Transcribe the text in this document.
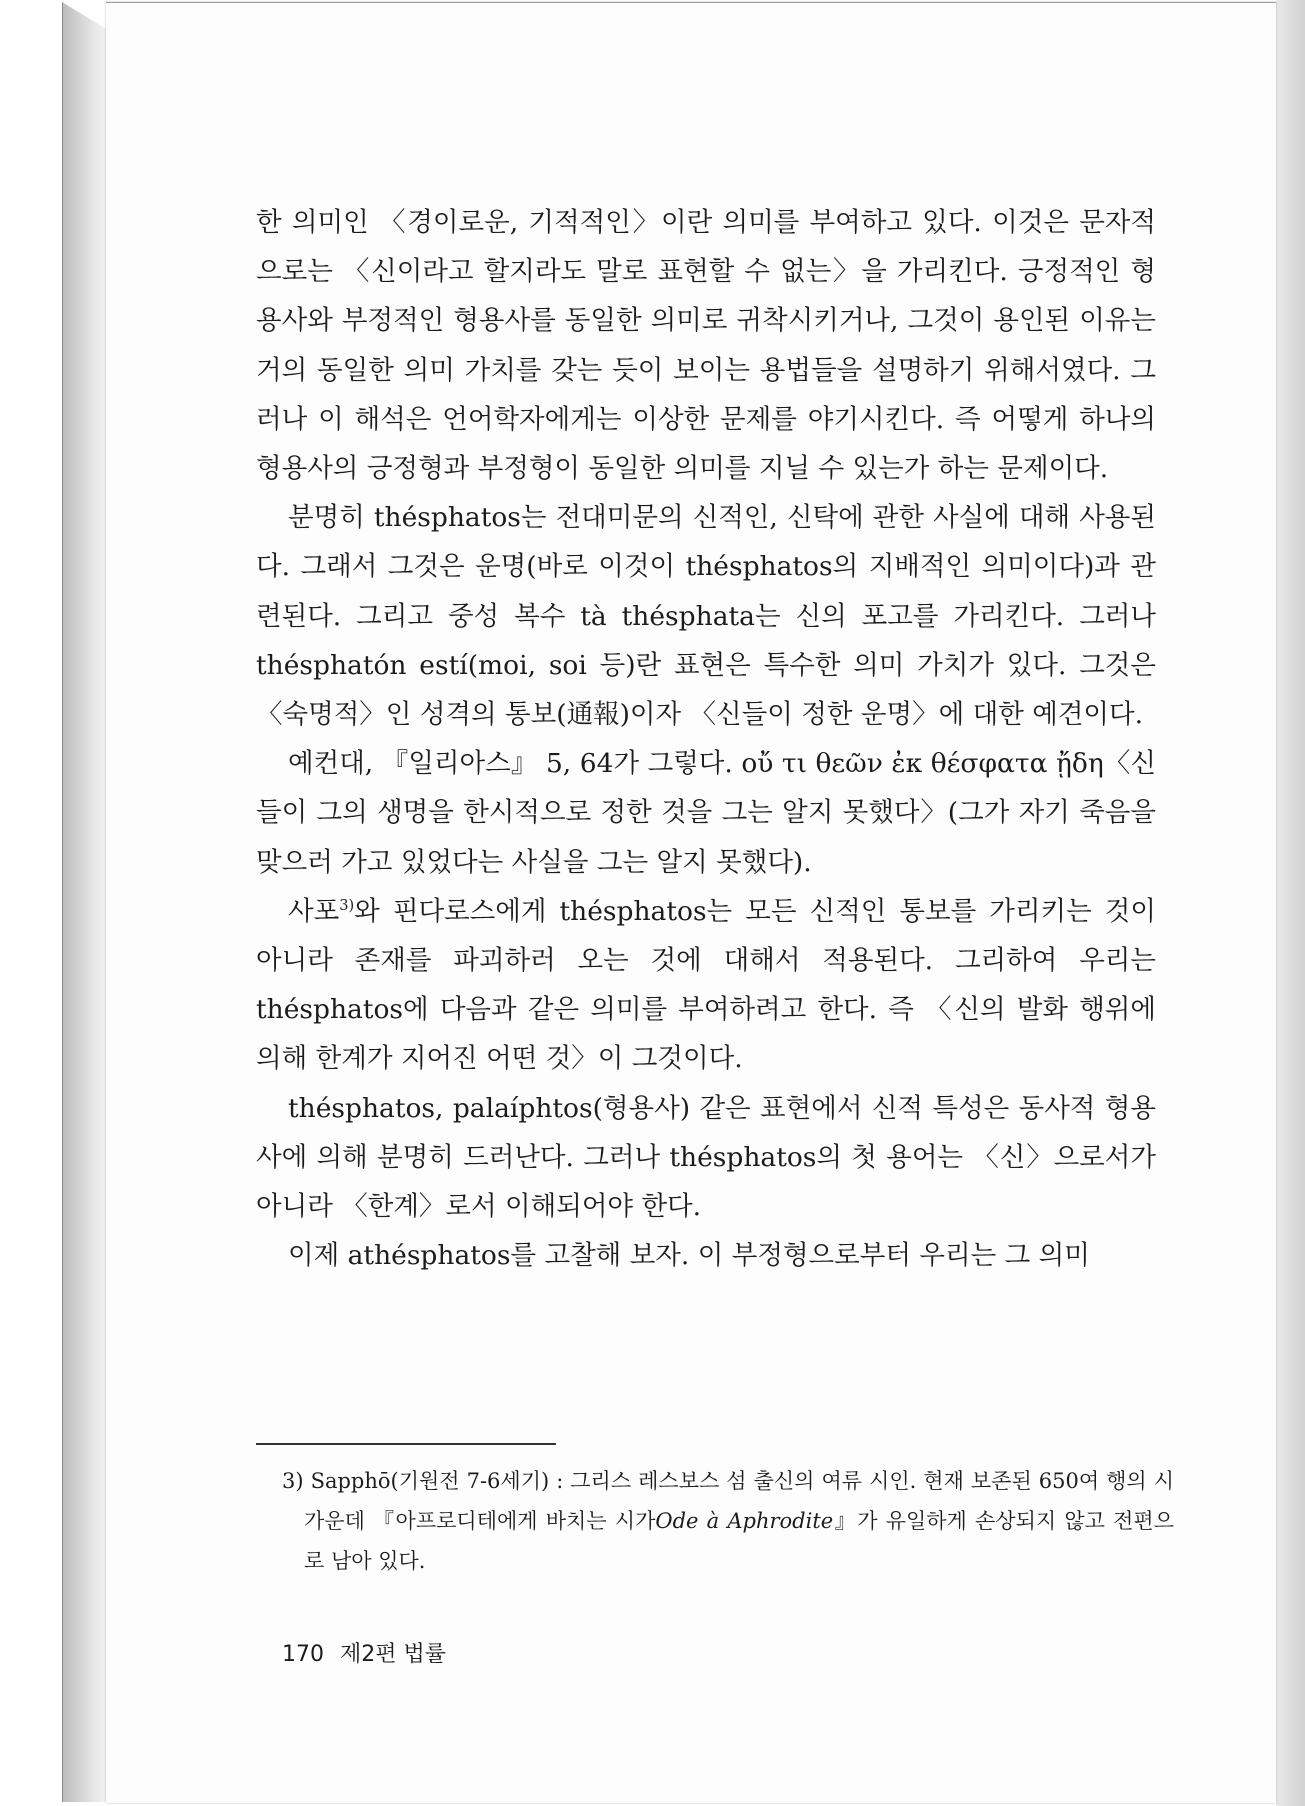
한 의미인 〈경이로운, 기적적인〉이란 의미를 부여하고 있다. 이것은 문자적으로는 〈신이라고 할지라도 말로 표현할 수 없는〉을 가리킨다. 긍정적인 형용사와 부정적인 형용사를 동일한 의미로 귀착시키거나, 그것이 용인된 이유는 거의 동일한 의미 가치를 갖는 듯이 보이는 용법들을 설명하기 위해서였다. 그러나 이 해석은 언어학자에게는 이상한 문제를 야기시킨다. 즉 어떻게 하나의 형용사의 긍정형과 부정형이 동일한 의미를 지닐 수 있는가 하는 문제이다.

분명히 thésphatos는 전대미문의 신적인, 신탁에 관한 사실에 대해 사용된다. 그래서 그것은 운명(바로 이것이 thésphatos의 지배적인 의미이다)과 관련된다. 그리고 중성 복수 tà thésphata는 신의 포고를 가리킨다. 그러나 thésphatón estí(moi, soi 등)란 표현은 특수한 의미 가치가 있다. 그것은 〈숙명적〉인 성격의 통보(通報)이자 〈신들이 정한 운명〉에 대한 예견이다.

예컨대, 『일리아스』 5, 64가 그렇다. οὔ τι θεῶν ἐκ θέσφατα ᾔδη〈신들이 그의 생명을 한시적으로 정한 것을 그는 알지 못했다〉(그가 자기 죽음을 맞으러 가고 있었다는 사실을 그는 알지 못했다).

사포$^{3)}$와 핀다로스에게 thésphatos는 모든 신적인 통보를 가리키는 것이 아니라 존재를 파괴하러 오는 것에 대해서 적용된다. 그리하여 우리는 thésphatos에 다음과 같은 의미를 부여하려고 한다. 즉 〈신의 발화 행위에 의해 한계가 지어진 어떤 것〉이 그것이다.

thésphatos, palaíphtos(형용사) 같은 표현에서 신적 특성은 동사적 형용사에 의해 분명히 드러난다. 그러나 thésphatos의 첫 용어는 〈신〉으로서가 아니라 〈한계〉로서 이해되어야 한다.

이제 athésphatos를 고찰해 보자. 이 부정형으로부터 우리는 그 의미

3) Sapphō(기원전 7-6세기) : 그리스 레스보스 섬 출신의 여류 시인. 현재 보존된 650여 행의 시 가운데 『아프로디테에게 바치는 시가Ode à Aphrodite』가 유일하게 손상되지 않고 전편으로 남아 있다.
170 제2편 법률
